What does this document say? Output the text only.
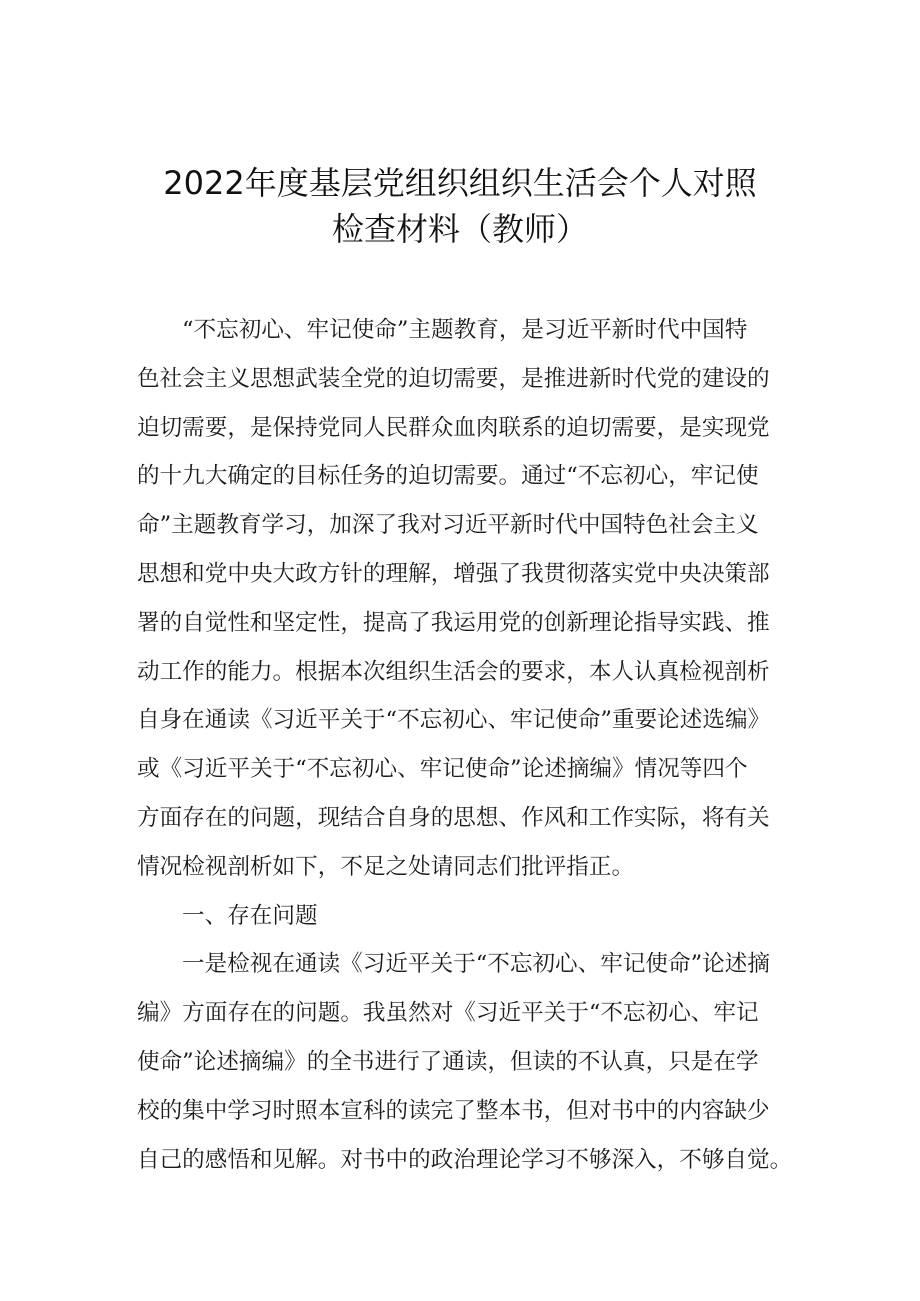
2022年度基层党组织组织生活会个人对照
检查材料（教师）
“不忘初心、牢记使命”主题教育，是习近平新时代中国特
色社会主义思想武装全党的迫切需要，是推进新时代党的建设的
迫切需要，是保持党同人民群众血肉联系的迫切需要，是实现党
的十九大确定的目标任务的迫切需要。通过“不忘初心，牢记使
命”主题教育学习，加深了我对习近平新时代中国特色社会主义
思想和党中央大政方针的理解，增强了我贯彻落实党中央决策部
署的自觉性和坚定性，提高了我运用党的创新理论指导实践、推
动工作的能力。根据本次组织生活会的要求，本人认真检视剖析
自身在通读《习近平关于“不忘初心、牢记使命”重要论述选编》
或《习近平关于“不忘初心、牢记使命”论述摘编》情况等四个
方面存在的问题，现结合自身的思想、作风和工作实际，将有关
情况检视剖析如下，不足之处请同志们批评指正。
一、存在问题
一是检视在通读《习近平关于“不忘初心、牢记使命”论述摘
编》方面存在的问题。我虽然对《习近平关于“不忘初心、牢记
使命”论述摘编》的全书进行了通读，但读的不认真，只是在学
校的集中学习时照本宣科的读完了整本书，但对书中的内容缺少
自己的感悟和见解。对书中的政治理论学习不够深入，不够自觉。
